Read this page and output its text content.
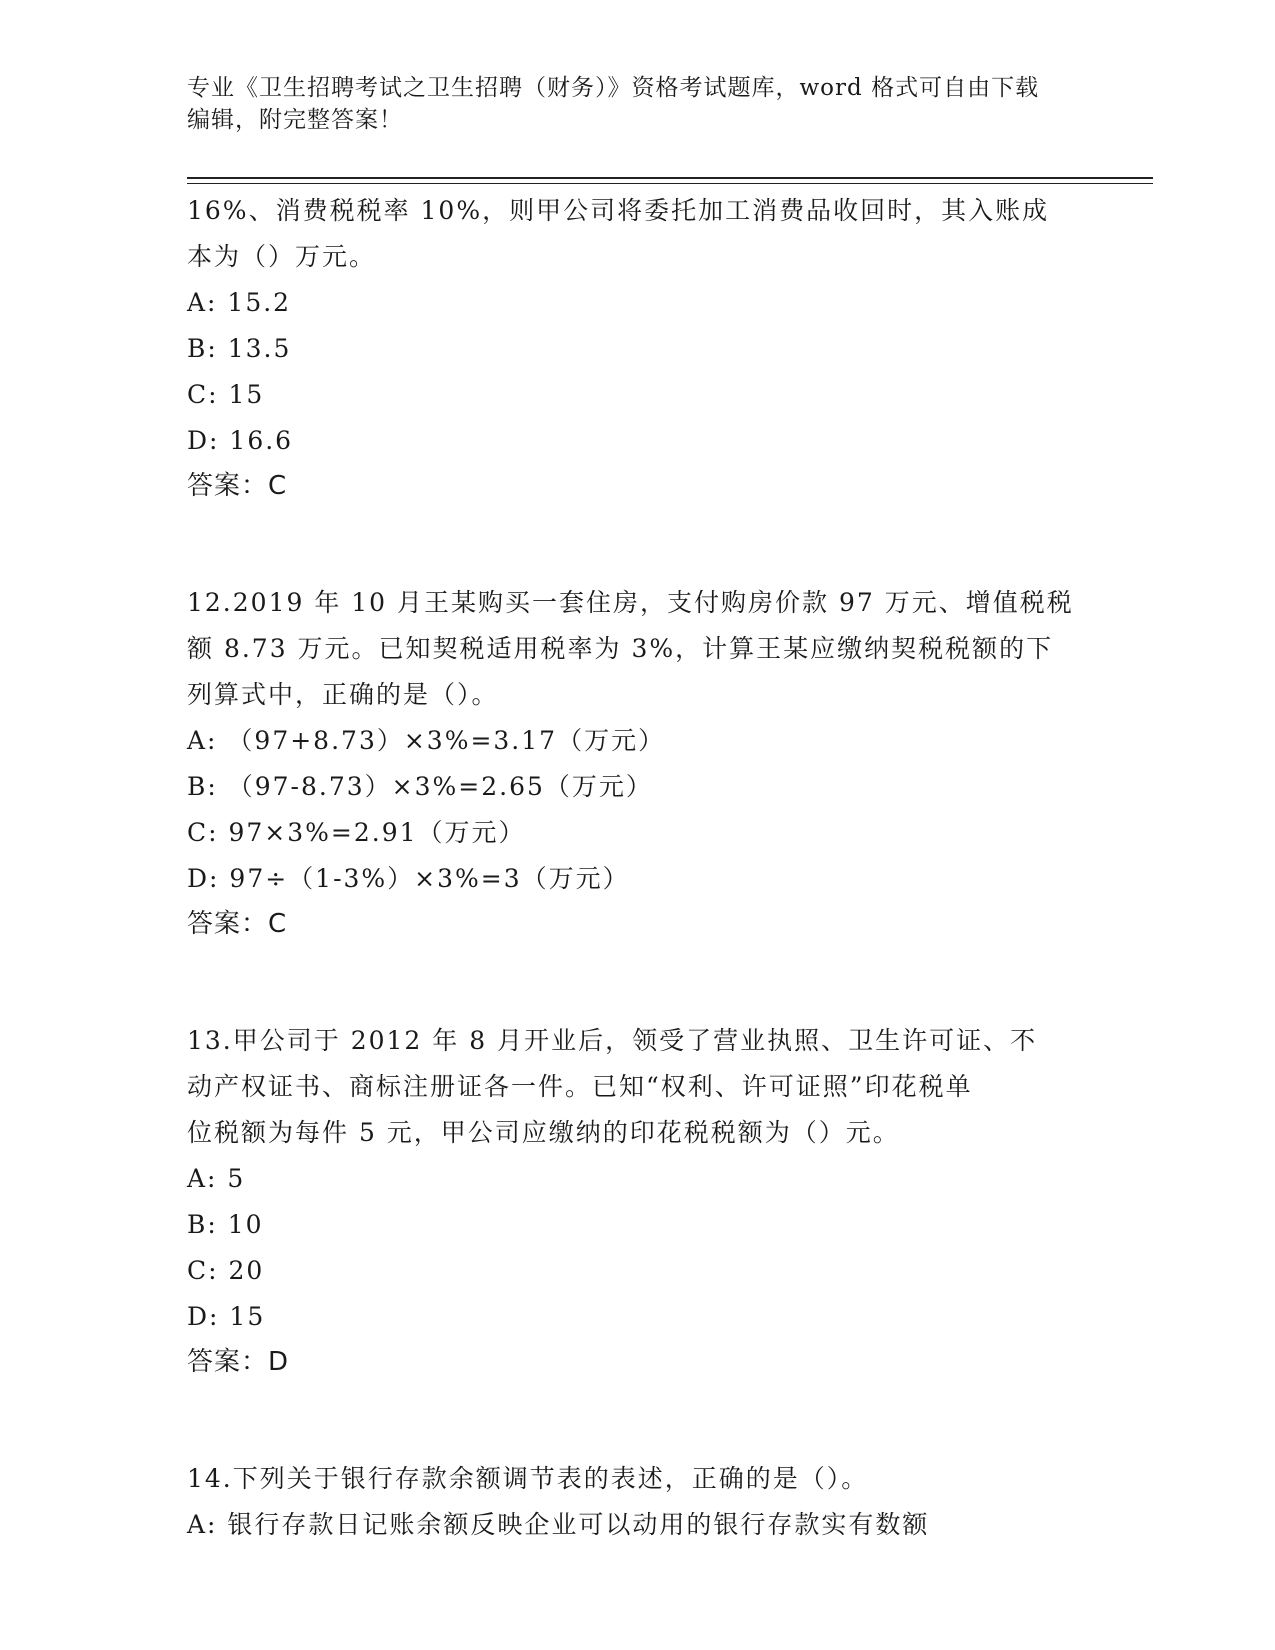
专业《卫生招聘考试之卫生招聘（财务）》资格考试题库，word 格式可自由下载
编辑，附完整答案！
16%、消费税税率 10%，则甲公司将委托加工消费品收回时，其入账成
本为（）万元。
A: 15.2
B: 13.5
C: 15
D: 16.6
答案：C
12.2019 年 10 月王某购买一套住房，支付购房价款 97 万元、增值税税
额 8.73 万元。已知契税适用税率为 3%，计算王某应缴纳契税税额的下
列算式中，正确的是（）。
A: （97+8.73）×3%=3.17（万元）
B: （97-8.73）×3%=2.65（万元）
C: 97×3%=2.91（万元）
D: 97÷（1-3%）×3%=3（万元）
答案：C
13.甲公司于 2012 年 8 月开业后，领受了营业执照、卫生许可证、不
动产权证书、商标注册证各一件。已知“权利、许可证照”印花税单
位税额为每件 5 元，甲公司应缴纳的印花税税额为（）元。
A: 5
B: 10
C: 20
D: 15
答案：D
14.下列关于银行存款余额调节表的表述，正确的是（）。
A: 银行存款日记账余额反映企业可以动用的银行存款实有数额
